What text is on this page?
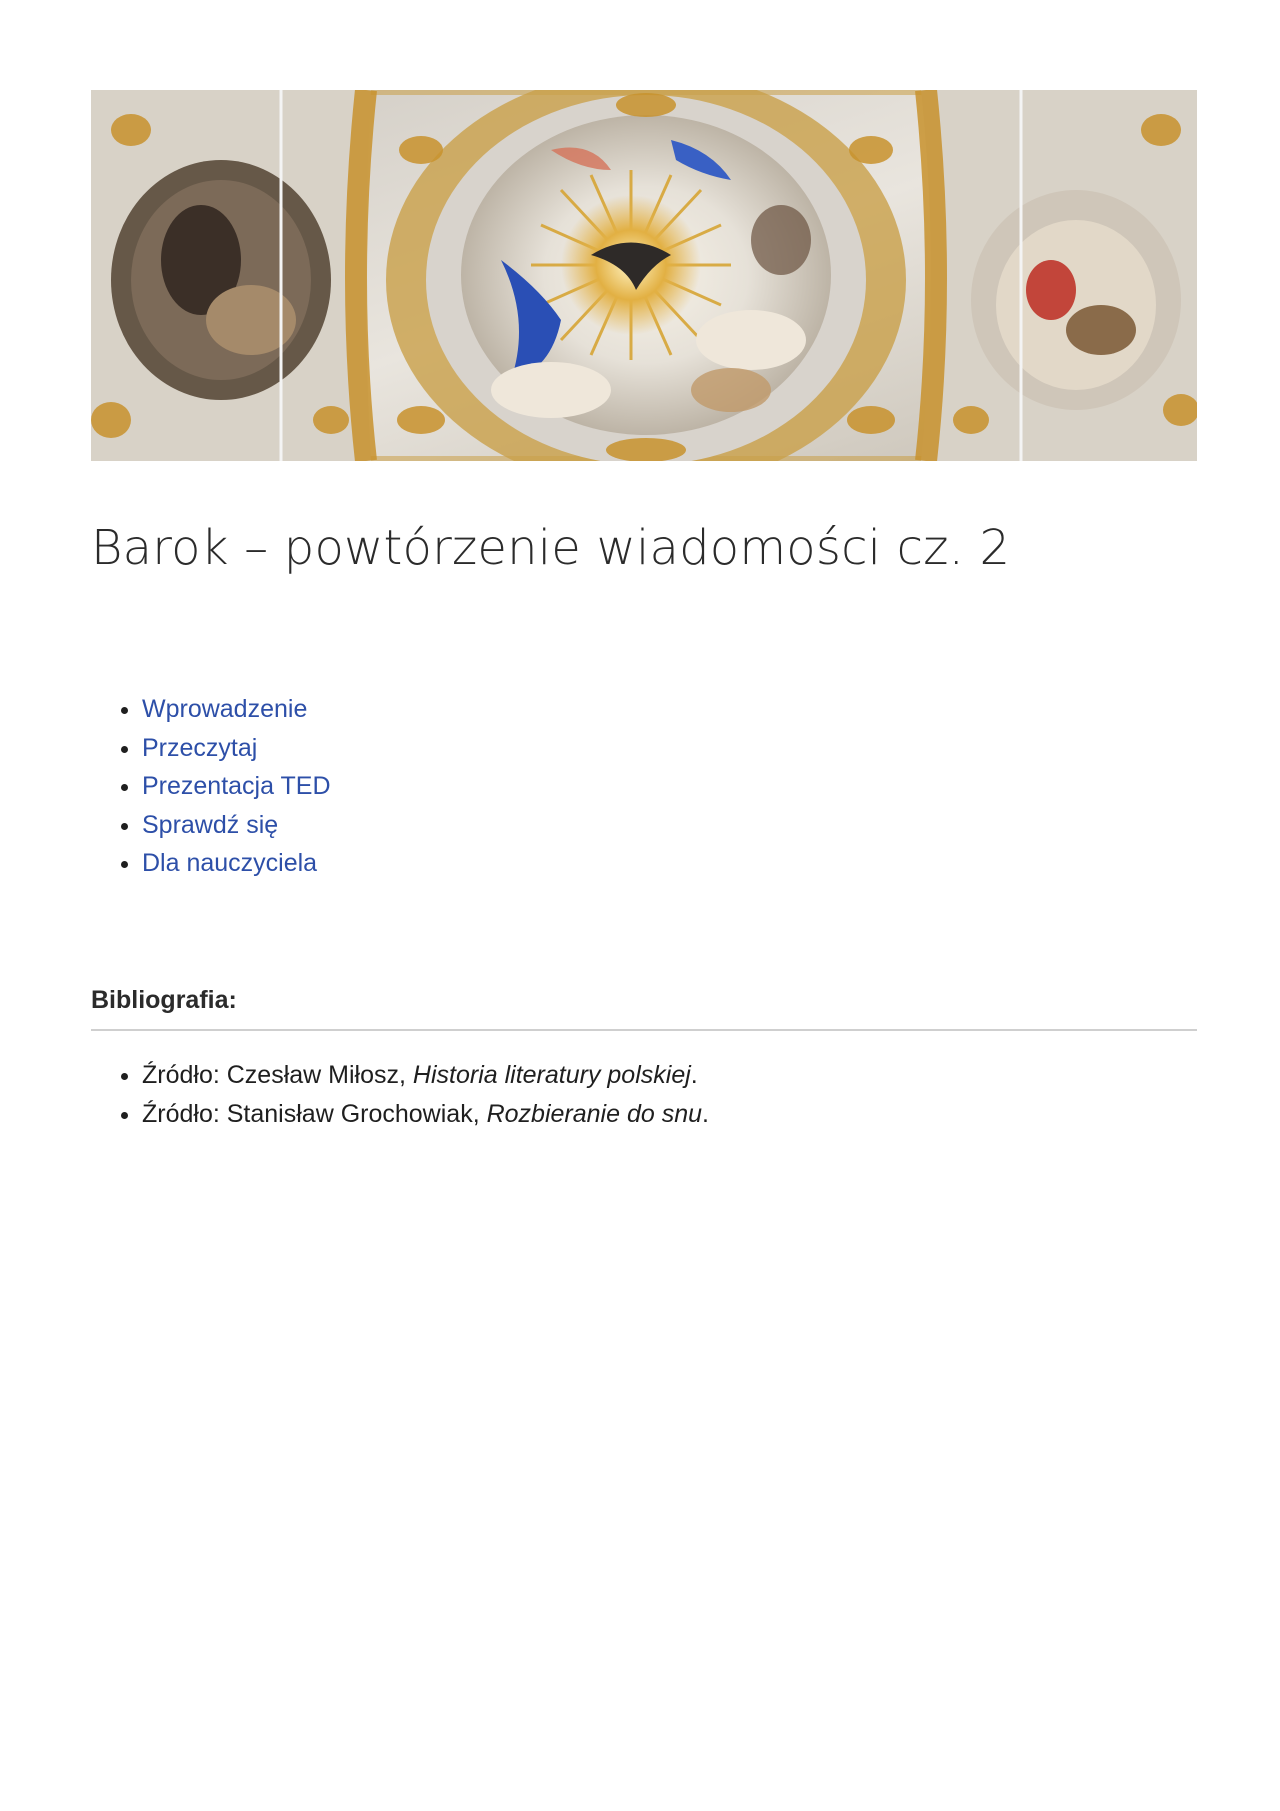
Barok – powtórzenie wiadomości cz. 2
• Wprowadzenie
• Przeczytaj
• Prezentacja TED
• Sprawdź się
• Dla nauczyciela
Bibliografia:
• Źródło: Czesław Miłosz, Historia literatury polskiej.
• Źródło: Stanisław Grochowiak, Rozbieranie do snu.
